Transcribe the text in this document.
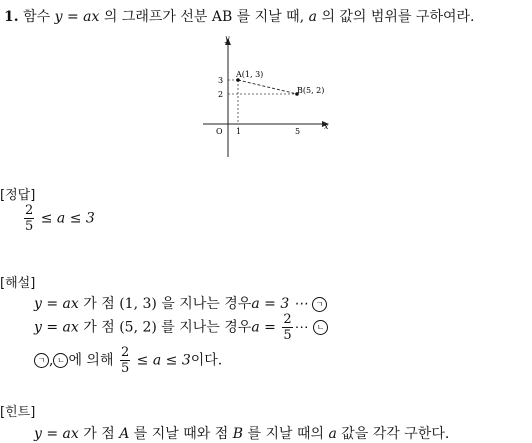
1. 함수 y = ax 의 그래프가 선분 AB 를 지날 때, a 의 값의 범위를 구하여라.
y
x
O 1	5
3
2
A(1, 3)
B(5, 2)
[정답]
$\frac{2}{5} \le a \le 3$
[해설]
y = ax 가 점 (1, 3) 을 지나는 경우a = 3 ⋯ ㄱ
y = ax 가 점 (5, 2) 를 지나는 경우$a = \frac{2}{5}$ ⋯ ㄴ
ㄱ , ㄴ 에 의해 $\frac{2}{5} \le a \le 3$이다.
[힌트]
y = ax 가 점 A 를 지날 때와 점 B 를 지날 때의 a 값을 각각 구한다.
